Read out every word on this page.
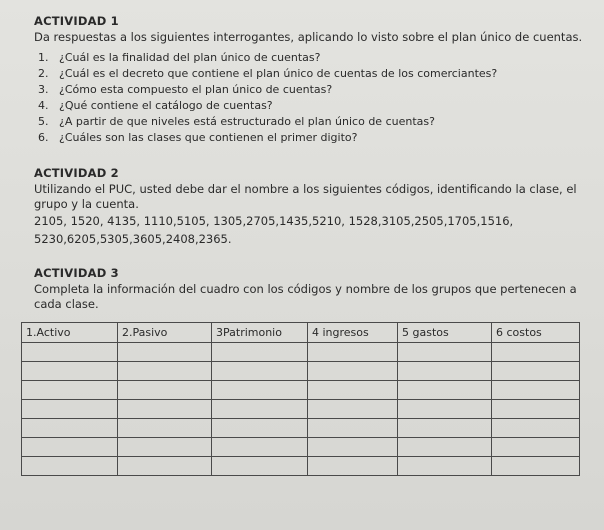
ACTIVIDAD 1

Da respuestas a los siguientes interrogantes, aplicando lo visto sobre el plan único de cuentas.

1. ¿Cuál es la finalidad del plan único de cuentas?
2. ¿Cuál es el decreto que contiene el plan único de cuentas de los comerciantes?
3. ¿Cómo esta compuesto el plan único de cuentas?
4. ¿Qué contiene el catálogo de cuentas?
5. ¿A partir de que niveles está estructurado el plan único de cuentas?
6. ¿Cuáles son las clases que contienen el primer digito?
ACTIVIDAD 2

Utilizando el PUC, usted debe dar el nombre a los siguientes códigos, identificando la clase, el grupo y la cuenta.

2105, 1520, 4135, 1110,5105, 1305,2705,1435,5210, 1528,3105,2505,1705,1516,

5230,6205,5305,3605,2408,2365.

ACTIVIDAD 3

Completa la información del cuadro con los códigos y nombre de los grupos que pertenecen a cada clase.

1.Activo	2.Pasivo	3Patrimonio	4 ingresos	5 gastos	6 costos
